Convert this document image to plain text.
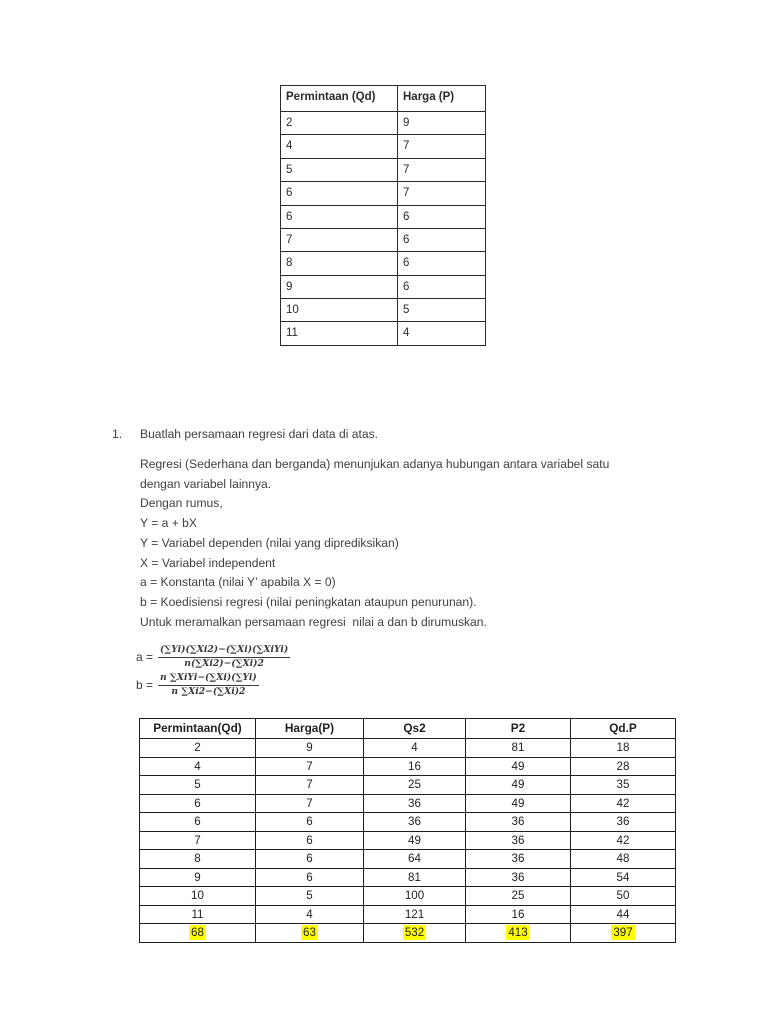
Permintaan (Qd)	Harga (P)
2	9
4	7
5	7
6	7
6	6
7	6
8	6
9	6
10	5
11	4
1.	Buatlah persamaan regresi dari data di atas.
Regresi (Sederhana dan berganda) menunjukan adanya hubungan antara variabel satu
dengan variabel lainnya.
Dengan rumus,
Y = a + bX
Y = Variabel dependen (nilai yang diprediksikan)
X = Variabel independent
a = Konstanta (nilai Y’ apabila X = 0)
b = Koedisiensi regresi (nilai peningkatan ataupun penurunan).
Untuk meramalkan persamaan regresi  nilai a dan b dirumuskan.
$a = \frac{\text{(∑Yi)(∑Xi2)−(∑Xi)(∑XiYi)}}{n(\sum Xi2)-(\sum Xi)2}$
$b = \frac{\text{n ∑XiYi−(∑Xi)(∑Yi)}}{n \sum Xi2-(\sum Xi)2}$
Permintaan(Qd)	Harga(P)	Qs2	P2	Qd.P
2	9	4	81	18
4	7	16	49	28
5	7	25	49	35
6	7	36	49	42
6	6	36	36	36
7	6	49	36	42
8	6	64	36	48
9	6	81	36	54
10	5	100	25	50
11	4	121	16	44
68	63	532	413	397
